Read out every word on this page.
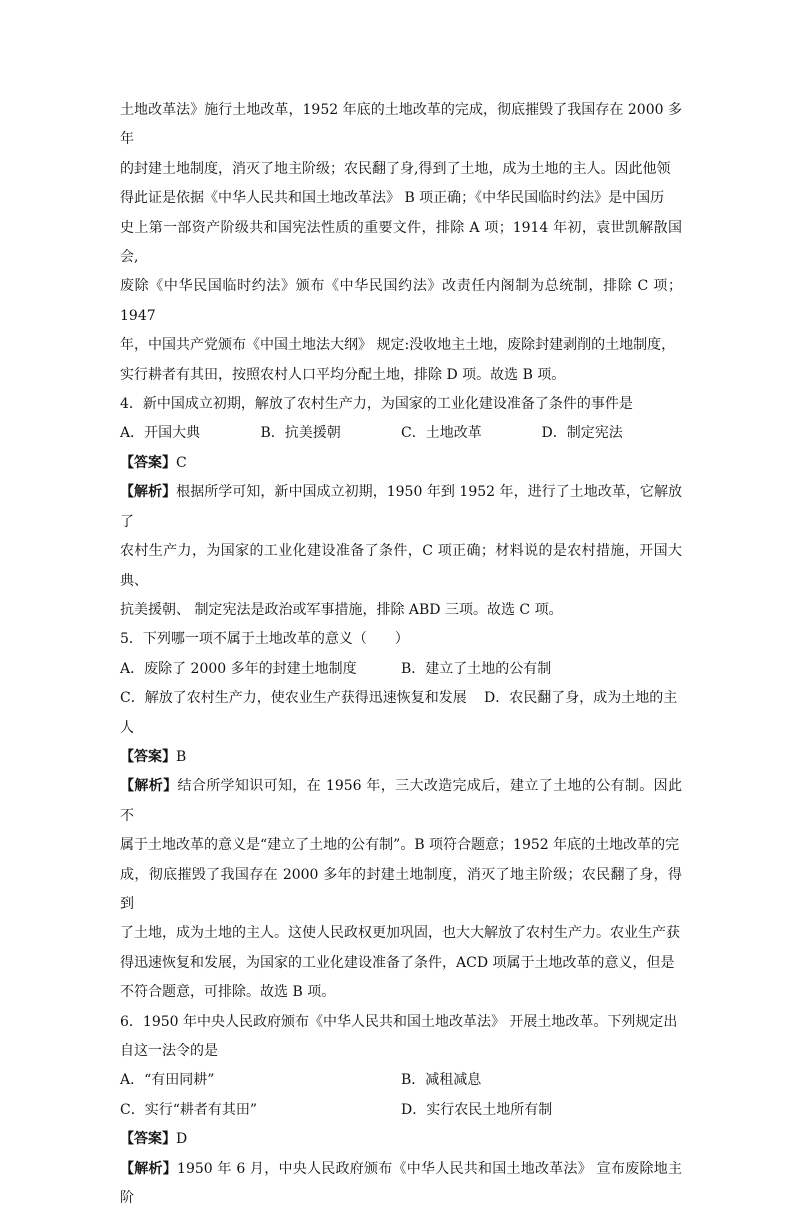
土地改革法》施行土地改革，1952 年底的土地改革的完成，彻底摧毁了我国存在 2000 多年

的封建土地制度，消灭了地主阶级；农民翻了身,得到了土地，成为土地的主人。因此他领

得此证是依据《中华人民共和国土地改革法》 B 项正确；《中华民国临时约法》是中国历

史上第一部资产阶级共和国宪法性质的重要文件，排除 A 项；1914 年初，袁世凯解散国会,

废除《中华民国临时约法》颁布《中华民国约法》改责任内阁制为总统制，排除 C 项；1947

年，中国共产党颁布《中国土地法大纲》 规定:没收地主土地，废除封建剥削的土地制度，

实行耕者有其田，按照农村人口平均分配土地，排除 D 项。故选 B 项。

4．新中国成立初期，解放了农村生产力，为国家的工业化建设准备了条件的事件是

A．开国大典	B．抗美援朝	C．土地改革	D．制定宪法

【答案】C

【解析】根据所学可知，新中国成立初期，1950 年到 1952 年，进行了土地改革，它解放了

农村生产力，为国家的工业化建设准备了条件，C 项正确；材料说的是农村措施，开国大典、

抗美援朝、 制定宪法是政治或军事措施，排除 ABD 三项。故选 C 项。

5．下列哪一项不属于土地改革的意义（　　）

A．废除了 2000 多年的封建土地制度	B．建立了土地的公有制
C．解放了农村生产力，使农业生产获得迅速恢复和发展	D．农民翻了身，成为土地的主

人

【答案】B

【解析】结合所学知识可知，在 1956 年，三大改造完成后，建立了土地的公有制。因此不

属于土地改革的意义是“建立了土地的公有制”。B 项符合题意；1952 年底的土地改革的完

成，彻底摧毁了我国存在 2000 多年的封建土地制度，消灭了地主阶级；农民翻了身，得到

了土地，成为土地的主人。这使人民政权更加巩固，也大大解放了农村生产力。农业生产获

得迅速恢复和发展，为国家的工业化建设准备了条件，ACD 项属于土地改革的意义，但是

不符合题意，可排除。故选 B 项。

6．1950 年中央人民政府颁布《中华人民共和国土地改革法》 开展土地改革。下列规定出

自这一法令的是

A．“有田同耕”	B．减租减息
C．实行“耕者有其田”	D．实行农民土地所有制

【答案】D

【解析】1950 年 6 月，中央人民政府颁布《中华人民共和国土地改革法》 宣布废除地主阶
